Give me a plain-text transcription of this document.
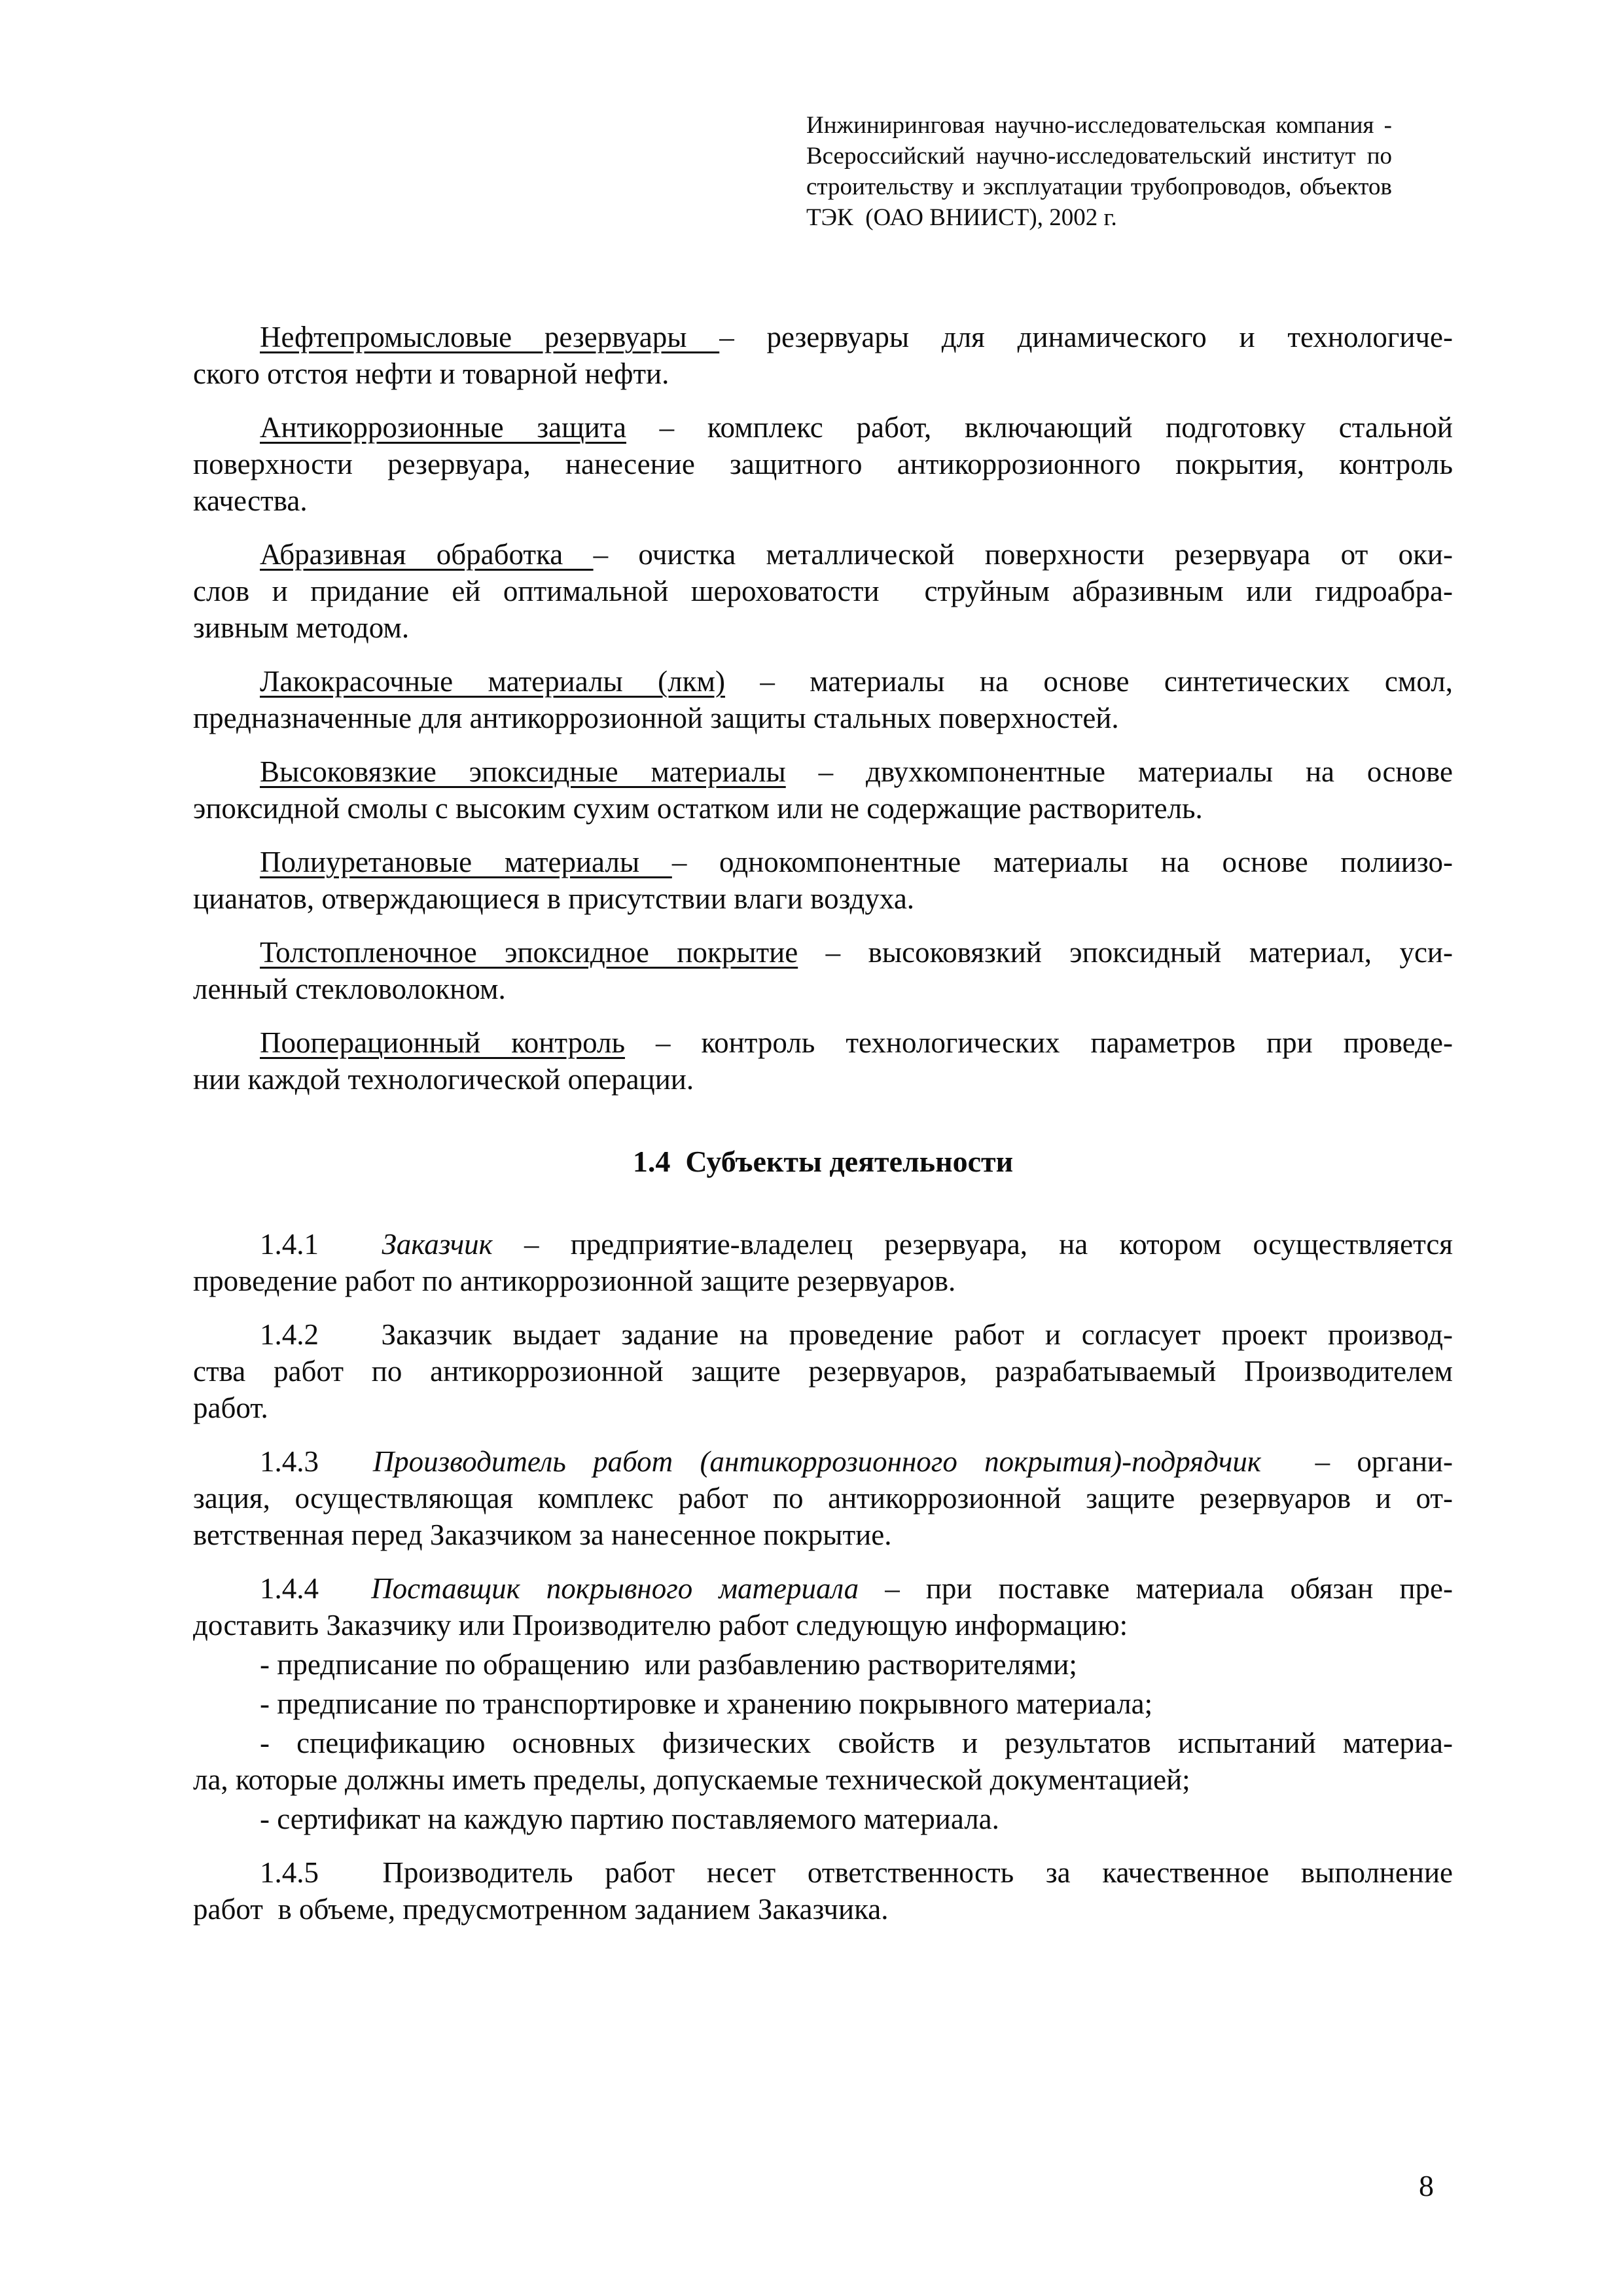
Инжиниринговая научно-исследовательская компания -
Всероссийский научно-исследовательский институт по
строительству и эксплуатации трубопроводов, объектов
ТЭК  (ОАО ВНИИСТ), 2002 г.
Нефтепромысловые резервуары – резервуары для динамического и технологиче-
ского отстоя нефти и товарной нефти.
Антикоррозионные защита – комплекс работ, включающий подготовку стальной
поверхности резервуара, нанесение защитного антикоррозионного покрытия, контроль
качества.
Абразивная обработка – очистка металлической поверхности резервуара от оки-
слов и придание ей оптимальной шероховатости  струйным абразивным или гидроабра-
зивным методом.
Лакокрасочные материалы (лкм) – материалы на основе синтетических смол,
предназначенные для антикоррозионной защиты стальных поверхностей.
Высоковязкие эпоксидные материалы – двухкомпонентные материалы на основе
эпоксидной смолы с высоким сухим остатком или не содержащие растворитель.
Полиуретановые материалы – однокомпонентные материалы на основе полиизо-
цианатов, отверждающиеся в присутствии влаги воздуха.
Толстопленочное эпоксидное покрытие – высоковязкий эпоксидный материал, уси-
ленный стекловолокном.
Пооперационный контроль – контроль технологических параметров при проведе-
нии каждой технологической операции.
1.4  Субъекты деятельности
1.4.1  Заказчик – предприятие-владелец резервуара, на котором осуществляется
проведение работ по антикоррозионной защите резервуаров.
1.4.2   Заказчик выдает задание на проведение работ и согласует проект производ-
ства работ по антикоррозионной защите резервуаров, разрабатываемый Производителем
работ.
1.4.3  Производитель работ (антикоррозионного покрытия)-подрядчик  – органи-
зация, осуществляющая комплекс работ по антикоррозионной защите резервуаров и от-
ветственная перед Заказчиком за нанесенное покрытие.
1.4.4  Поставщик покрывного материала – при поставке материала обязан пре-
доставить Заказчику или Производителю работ следующую информацию:
- предписание по обращению  или разбавлению растворителями;
- предписание по транспортировке и хранению покрывного материала;
- спецификацию основных физических свойств и результатов испытаний материа-
ла, которые должны иметь пределы, допускаемые технической документацией;
- сертификат на каждую партию поставляемого материала.
1.4.5  Производитель работ несет ответственность за качественное выполнение
работ  в объеме, предусмотренном заданием Заказчика.
8
